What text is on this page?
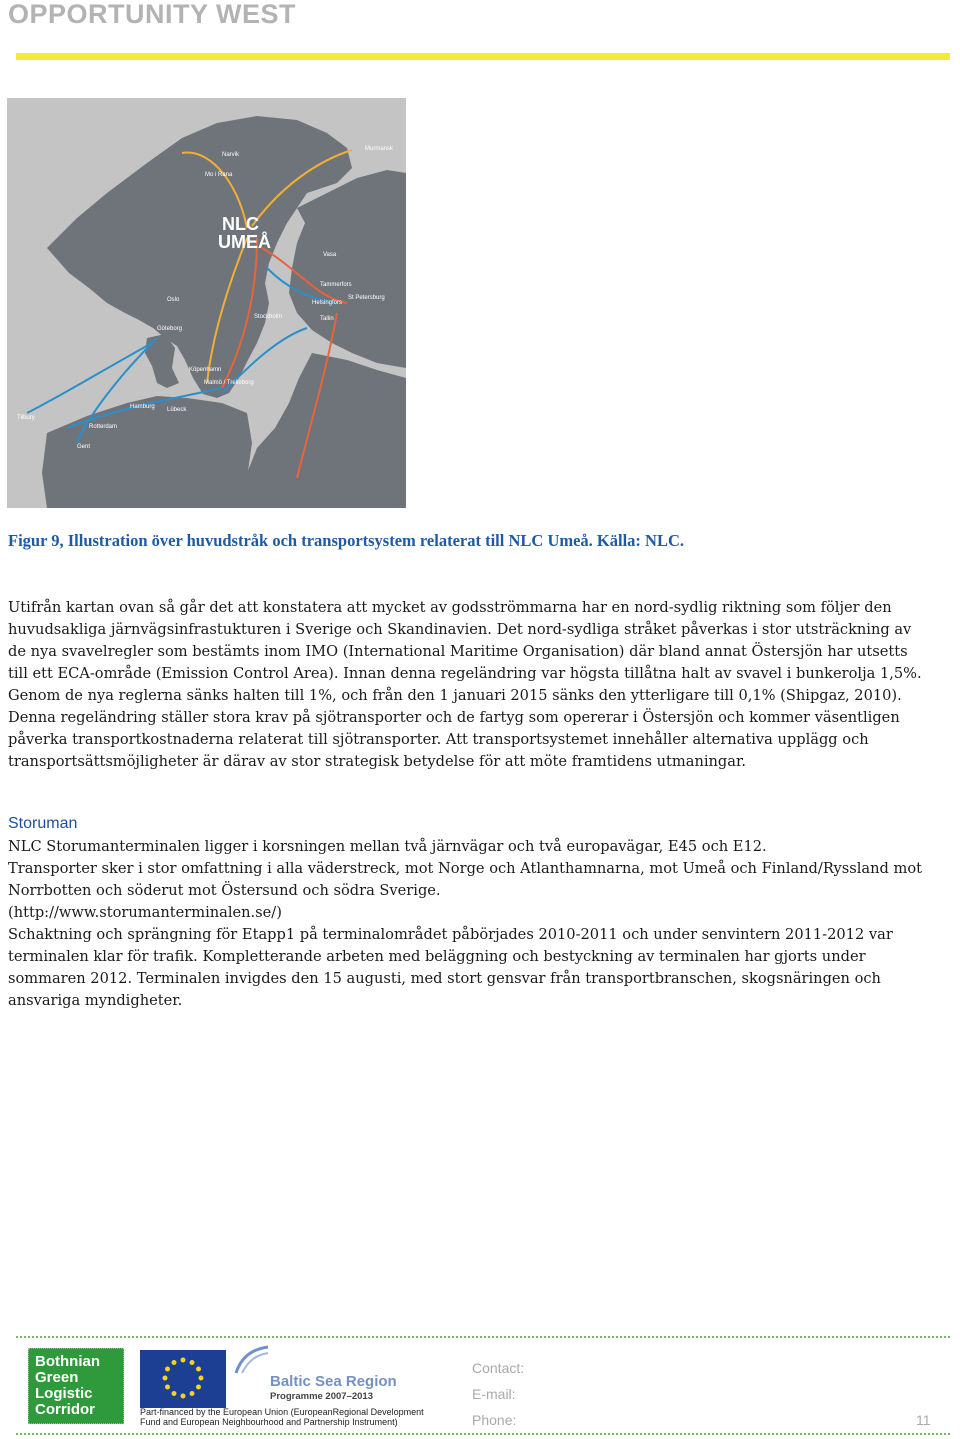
OPPORTUNITY WEST
NLC
UMEÅ
Narvik
Murmansk
Mo i Rana
Vasa
Tammerfors
Helsingfors
St Petersburg
Tallin
Oslo
Stockholm
Göteborg
Köpenhamn
Malmö / Trelleborg
Hamburg Lübeck
Tilbury
Rotterdam
Gent
Figur 9, Illustration över huvudstråk och transportsystem relaterat till NLC Umeå. Källa: NLC.

Utifrån kartan ovan så går det att konstatera att mycket av godsströmmarna har en nord-sydlig riktning som följer den huvudsakliga järnvägsinfrastukturen i Sverige och Skandinavien. Det nord-sydliga stråket påverkas i stor utsträckning av de nya svavelregler som bestämts inom IMO (International Maritime Organisation) där bland annat Östersjön har utsetts till ett ECA-område (Emission Control Area). Innan denna regeländring var högsta tillåtna halt av svavel i bunkerolja 1,5%. Genom de nya reglerna sänks halten till 1%, och från den 1 januari 2015 sänks den ytterligare till 0,1% (Shipgaz, 2010). Denna regeländring ställer stora krav på sjötransporter och de fartyg som opererar i Östersjön och kommer väsentligen påverka transportkostnaderna relaterat till sjötransporter. Att transportsystemet innehåller alternativa upplägg och transportsättsmöjligheter är därav av stor strategisk betydelse för att möte framtidens utmaningar.

Storuman
NLC Storumanterminalen ligger i korsningen mellan två järnvägar och två europavägar, E45 och E12.
Transporter sker i stor omfattning i alla väderstreck, mot Norge och Atlanthamnarna, mot Umeå och Finland/Ryssland mot Norrbotten och söderut mot Östersund och södra Sverige.
(http://www.storumanterminalen.se/)
Schaktning och sprängning för Etapp1 på terminalområdet påbörjades 2010-2011 och under senvintern 2011-2012 var terminalen klar för trafik. Kompletterande arbeten med beläggning och bestyckning av terminalen har gjorts under sommaren 2012. Terminalen invigdes den 15 augusti, med stort gensvar från transportbranschen, skogsnäringen och ansvariga myndigheter.
Bothnian Green Logistic Corridor
Baltic Sea Region
Programme 2007–2013
Part-financed by the European Union (EuropeanRegional Development
Fund and European Neighbourhood and Partnership Instrument)
Contact:
E-mail:
Phone:	11
